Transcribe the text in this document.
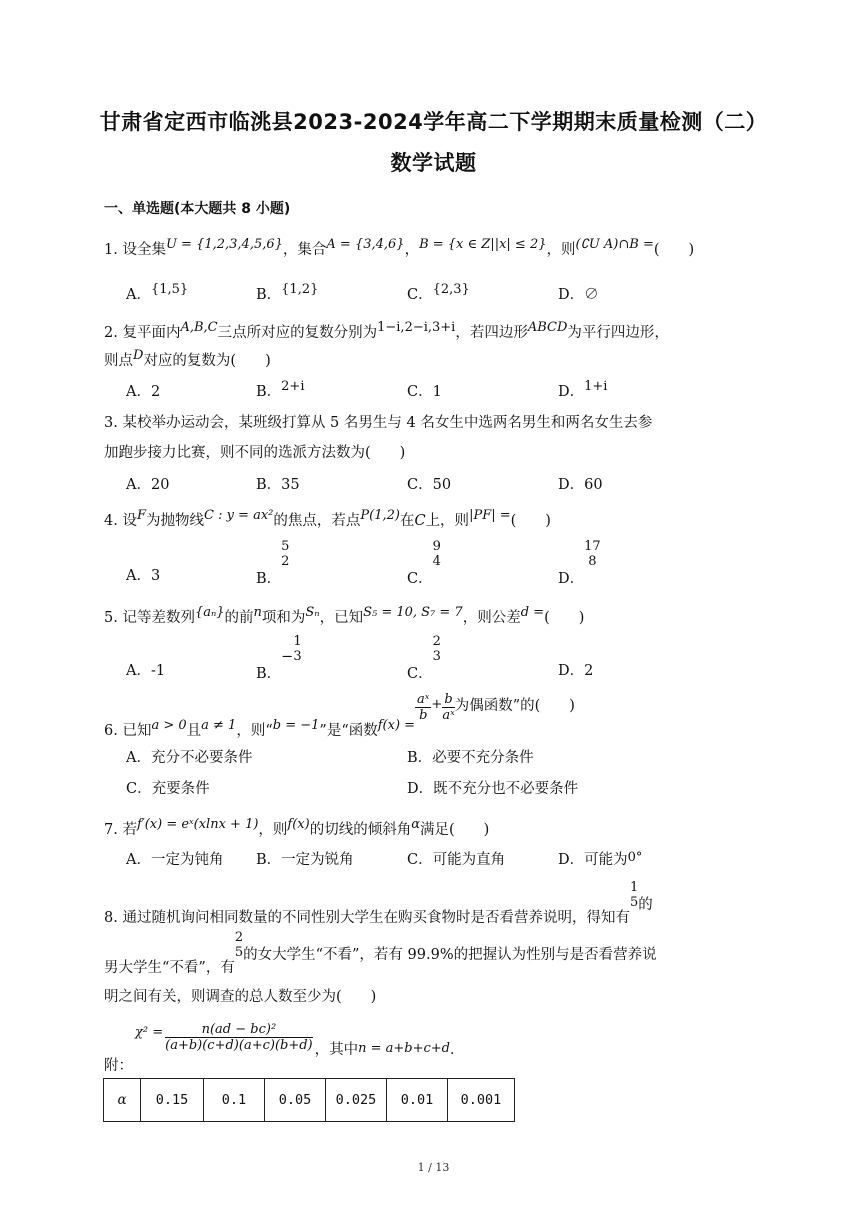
甘肃省定西市临洮县2023-2024学年高二下学期期末质量检测（二）
数学试题
一、单选题(本大题共 8 小题)
1. 设全集U = {1,2,3,4,5,6}，集合A = {3,4,6}，B = {x ∈ Z||x| ≤ 2}，则(∁U A)∩B =(　　)
A．{1,5}	B．{1,2}	C．{2,3}	D．∅
2. 复平面内A,B,C三点所对应的复数分别为1−i,2−i,3+i，若四边形ABCD为平行四边形，
则点D对应的复数为(　　)
A．2	B．2+i	C．1	D．1+i
3. 某校举办运动会，某班级打算从 5 名男生与 4 名女生中选两名男生和两名女生去参
加跑步接力比赛，则不同的选派方法数为(　　)
A．20	B．35	C．50	D．60
4. 设F为抛物线C : y = ax²的焦点，若点P(1,2)在C上，则|PF| =(　　)
A．3	B．
5
2
C．
9
4
D．
17
8
5. 记等差数列{aₙ}的前n项和为Sₙ，已知S₅ = 10, S₇ = 7，则公差d =(　　)
A．-1	B．−
1
3
C．
2
3
D．2
6. 已知a > 0且a ≠ 1，则“b = −1”是“函数f(x) =
$\frac{\text{aˣ}}{b} + \frac{b}{\text{aˣ}}$ 为偶函数”的(　　)
A．充分不必要条件	B．必要不充分条件
C．充要条件	D．既不充分也不必要条件
7. 若f′(x) = eˣ(xlnx + 1)，则f(x)的切线的倾斜角α满足(　　)
A．一定为钝角 B．一定为锐角	C．可能为直角	D．可能为0°
8. 通过随机询问相同数量的不同性别大学生在购买食物时是否看营养说明，得知有
1
5 的
男大学生“不看”，有
2
5 的女大学生“不看”，若有 99.9%的把握认为性别与是否看营养说
明之间有关，则调查的总人数至少为(　　)
附：$\chi^2 = \frac{\text{n(ad − bc)²}}{(a+b)(c+d)(a+c)(b+d)}$ ，其中n = a+b+c+d．
α	0.15	0.1	0.05	0.025	0.01	0.001
1 / 13
